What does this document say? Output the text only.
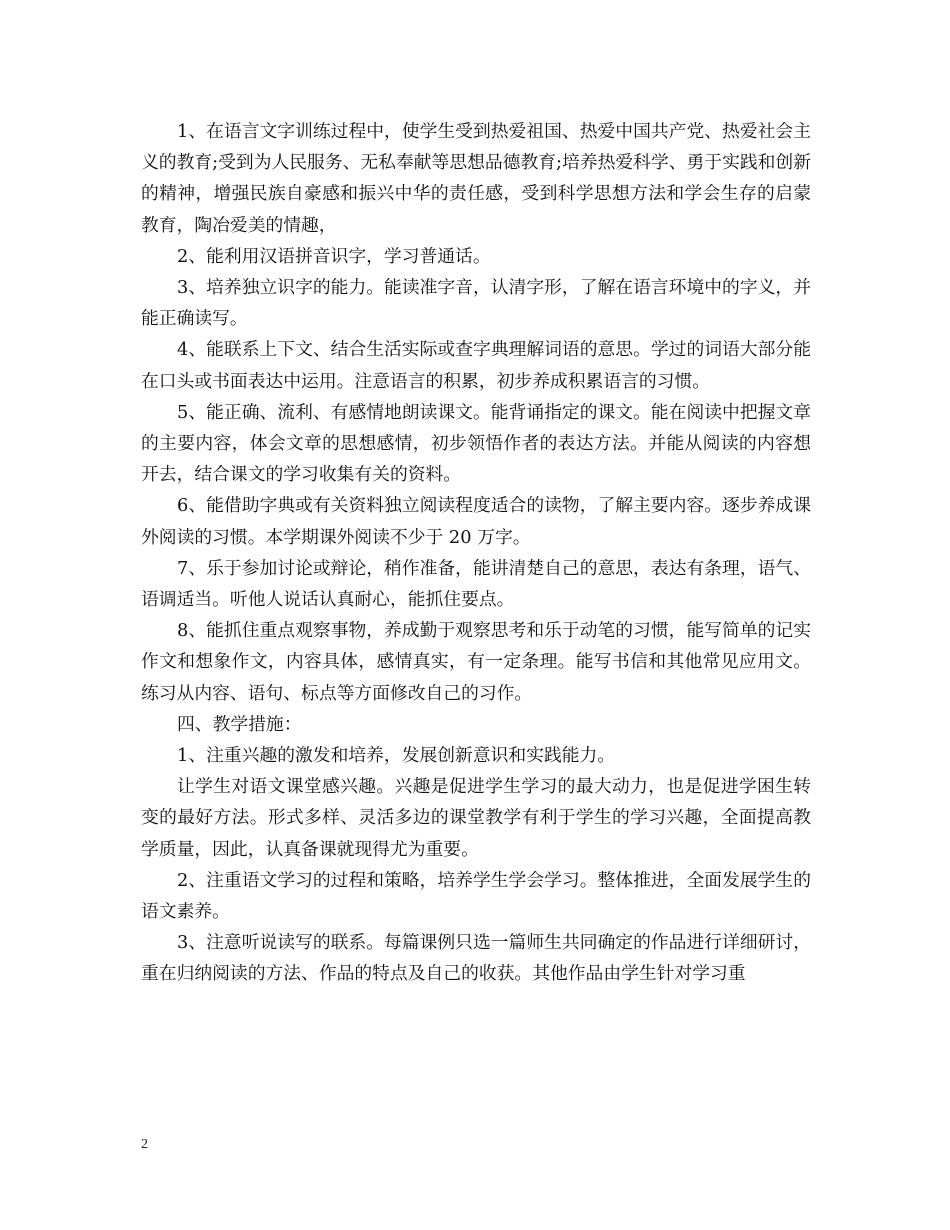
1、在语言文字训练过程中，使学生受到热爱祖国、热爱中国共产党、热爱社会主义的教育;受到为人民服务、无私奉献等思想品德教育;培养热爱科学、勇于实践和创新的精神，增强民族自豪感和振兴中华的责任感，受到科学思想方法和学会生存的启蒙教育，陶冶爱美的情趣，

2、能利用汉语拼音识字，学习普通话。

3、培养独立识字的能力。能读准字音，认清字形，了解在语言环境中的字义，并能正确读写。

4、能联系上下文、结合生活实际或查字典理解词语的意思。学过的词语大部分能在口头或书面表达中运用。注意语言的积累，初步养成积累语言的习惯。

5、能正确、流利、有感情地朗读课文。能背诵指定的课文。能在阅读中把握文章的主要内容，体会文章的思想感情，初步领悟作者的表达方法。并能从阅读的内容想开去，结合课文的学习收集有关的资料。

6、能借助字典或有关资料独立阅读程度适合的读物，了解主要内容。逐步养成课外阅读的习惯。本学期课外阅读不少于 20 万字。

7、乐于参加讨论或辩论，稍作准备，能讲清楚自己的意思，表达有条理，语气、语调适当。听他人说话认真耐心，能抓住要点。

8、能抓住重点观察事物，养成勤于观察思考和乐于动笔的习惯，能写简单的记实作文和想象作文，内容具体，感情真实，有一定条理。能写书信和其他常见应用文。练习从内容、语句、标点等方面修改自己的习作。

四、教学措施：

1、注重兴趣的激发和培养，发展创新意识和实践能力。

让学生对语文课堂感兴趣。兴趣是促进学生学习的最大动力，也是促进学困生转变的最好方法。形式多样、灵活多边的课堂教学有利于学生的学习兴趣，全面提高教学质量，因此，认真备课就现得尤为重要。

2、注重语文学习的过程和策略，培养学生学会学习。整体推进，全面发展学生的语文素养。

3、注意听说读写的联系。每篇课例只选一篇师生共同确定的作品进行详细研讨，重在归纳阅读的方法、作品的特点及自己的收获。其他作品由学生针对学习重

2
